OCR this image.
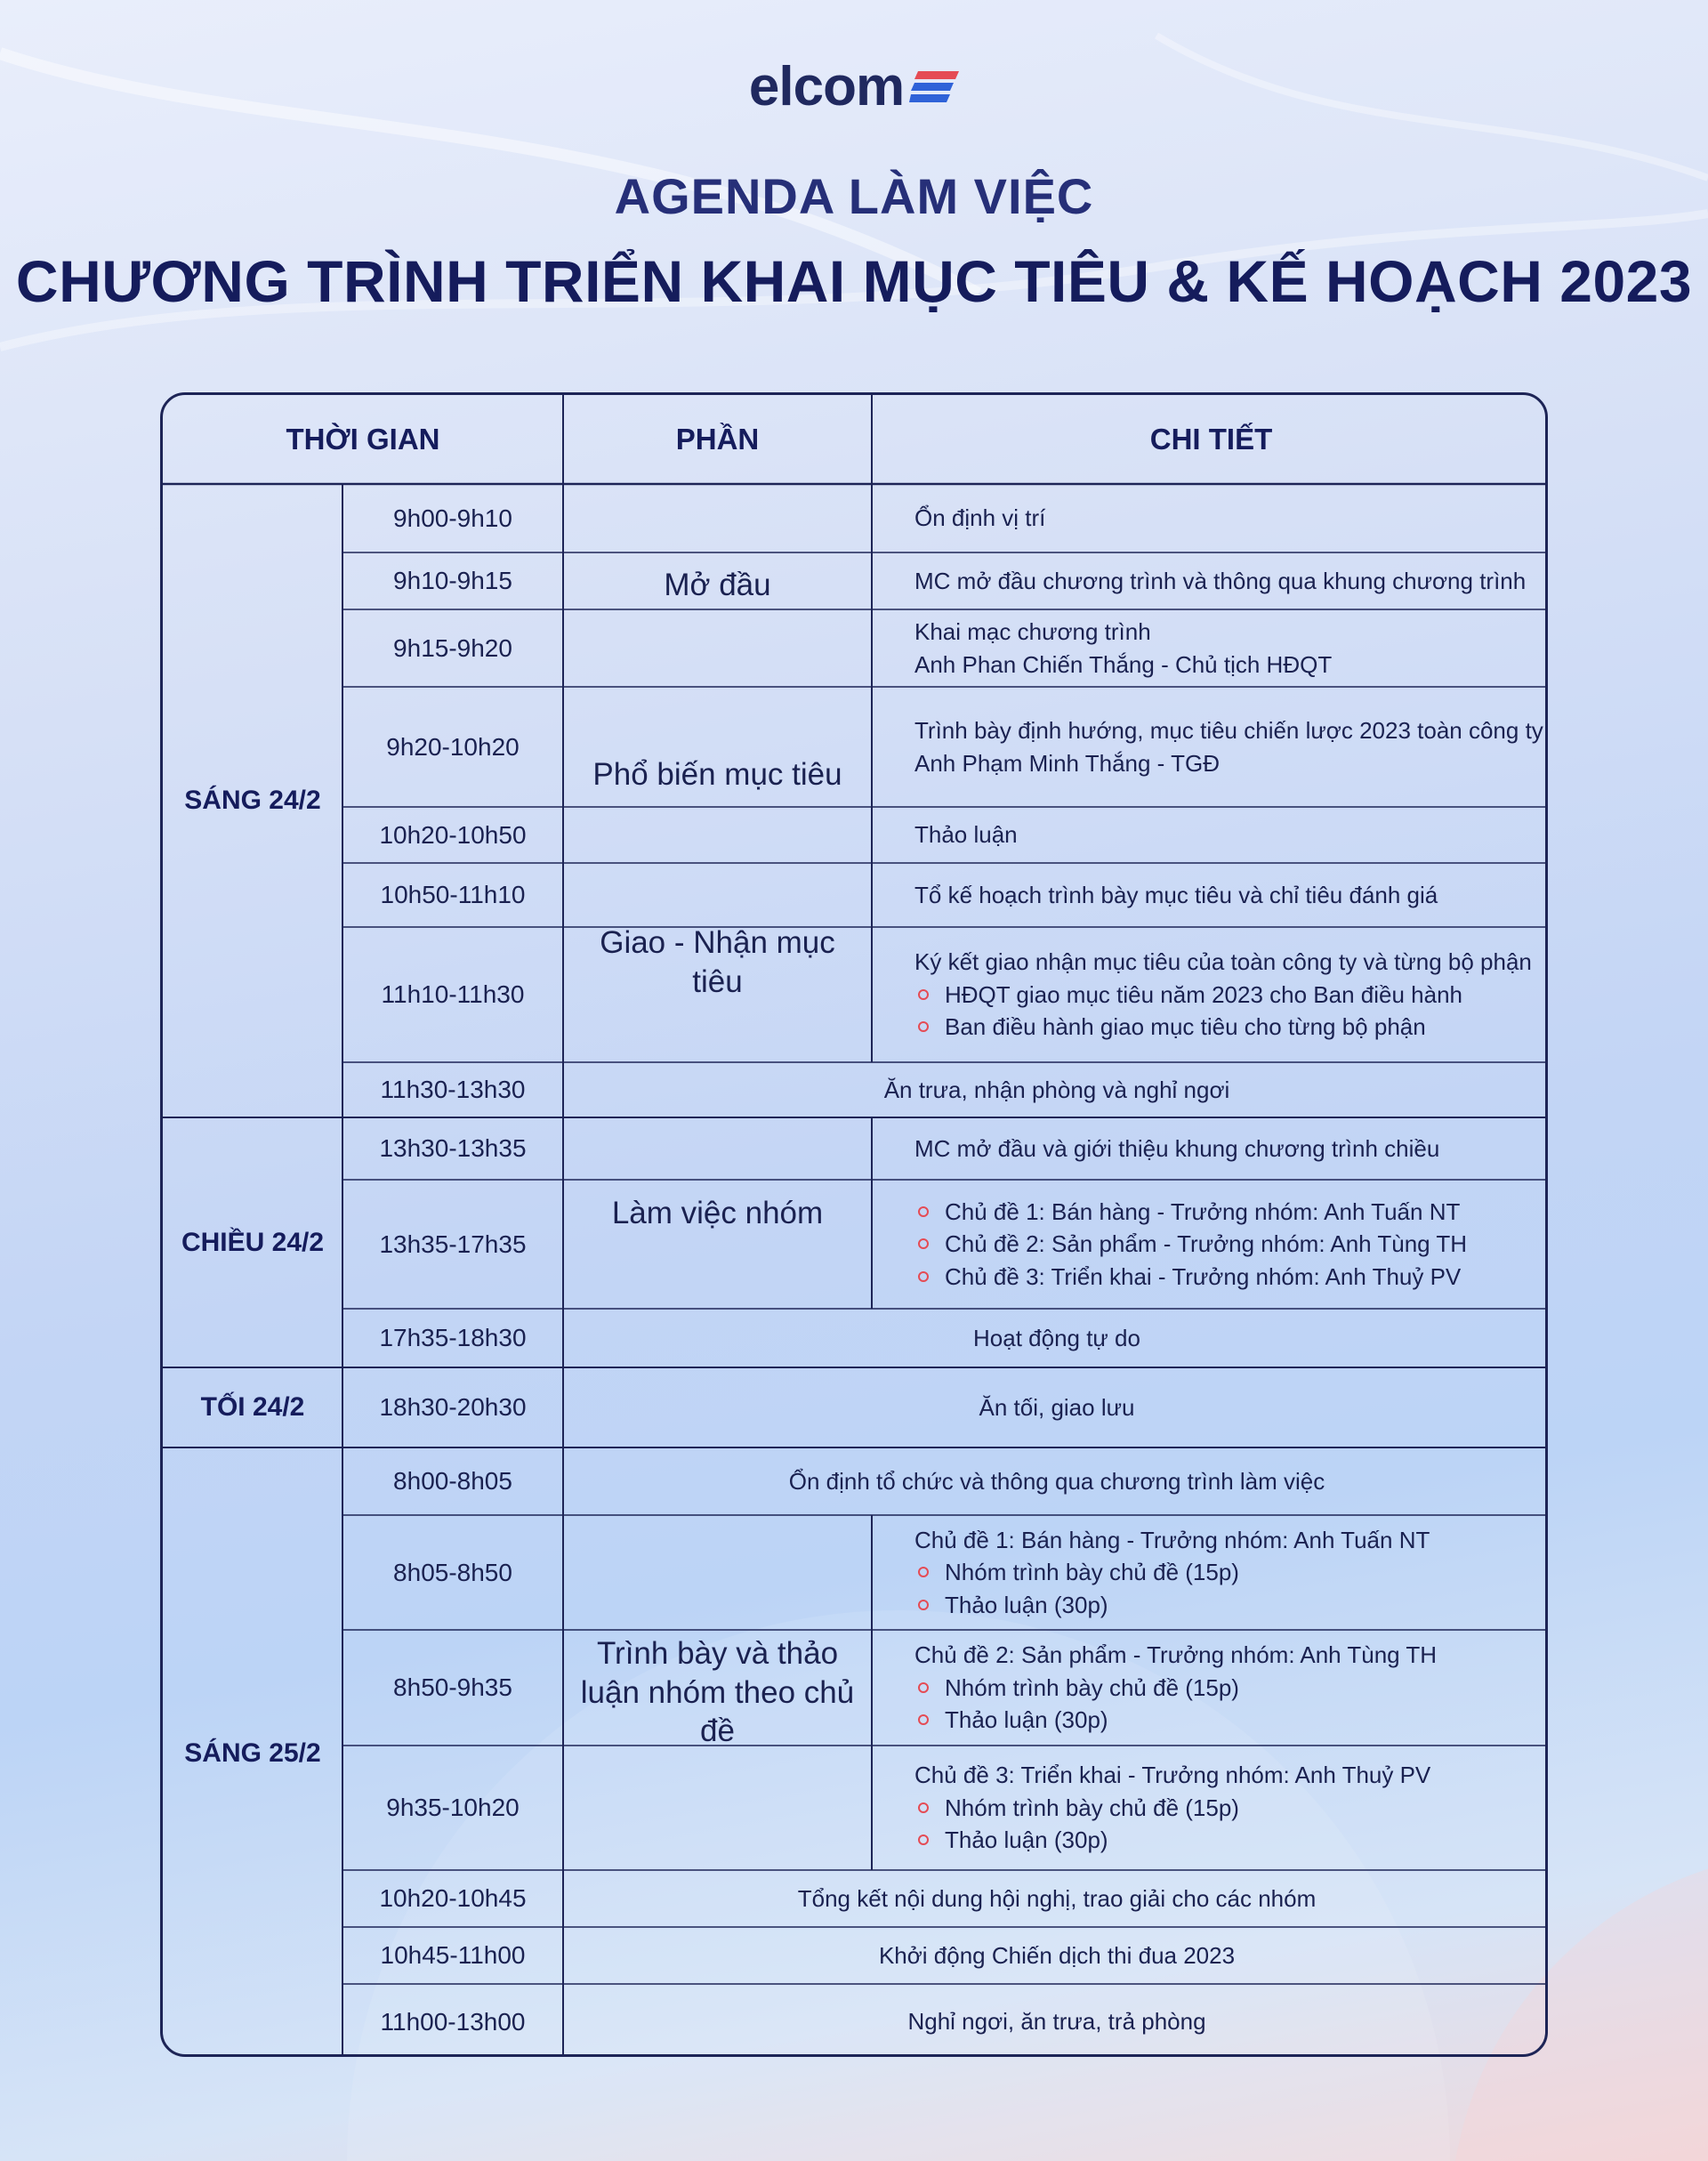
elcom
AGENDA LÀM VIỆC
CHƯƠNG TRÌNH TRIỂN KHAI MỤC TIÊU & KẾ HOẠCH 2023
THỜI GIAN	PHẦN	CHI TIẾT
SÁNG 24/2
CHIỀU 24/2
TỐI 24/2
SÁNG 25/2
9h00-9h10
9h10-9h15
9h15-9h20
9h20-10h20
10h20-10h50
10h50-11h10
11h10-11h30
11h30-13h30
13h30-13h35
13h35-17h35
17h35-18h30
18h30-20h30
8h00-8h05
8h05-8h50
8h50-9h35
9h35-10h20
10h20-10h45
10h45-11h00
11h00-13h00
Mở đầu
Phổ biến mục tiêu
Giao - Nhận mục tiêu
Làm việc nhóm
Trình bày và thảo luận nhóm theo chủ đề
Ổn định vị trí
MC mở đầu chương trình và thông qua khung chương trình
Khai mạc chương trình
Anh Phan Chiến Thắng - Chủ tịch HĐQT
Trình bày định hướng, mục tiêu chiến lược 2023 toàn công ty
Anh Phạm Minh Thắng - TGĐ
Thảo luận
Tổ kế hoạch trình bày mục tiêu và chỉ tiêu đánh giá
Ký kết giao nhận mục tiêu của toàn công ty và từng bộ phận
HĐQT giao mục tiêu năm 2023 cho Ban điều hành
Ban điều hành giao mục tiêu cho từng bộ phận
MC mở đầu và giới thiệu khung chương trình chiều
Chủ đề 1: Bán hàng - Trưởng nhóm: Anh Tuấn NT
Chủ đề 2: Sản phẩm - Trưởng nhóm: Anh Tùng TH
Chủ đề 3: Triển khai - Trưởng nhóm: Anh Thuỷ PV
Chủ đề 1: Bán hàng - Trưởng nhóm: Anh Tuấn NT
Nhóm trình bày chủ đề (15p)
Thảo luận (30p)
Chủ đề 2: Sản phẩm - Trưởng nhóm: Anh Tùng TH
Nhóm trình bày chủ đề (15p)
Thảo luận (30p)
Chủ đề 3: Triển khai - Trưởng nhóm: Anh Thuỷ PV
Nhóm trình bày chủ đề (15p)
Thảo luận (30p)
Ăn trưa, nhận phòng và nghỉ ngơi
Hoạt động tự do
Ăn tối, giao lưu
Ổn định tổ chức và thông qua chương trình làm việc
Tổng kết nội dung hội nghị, trao giải cho các nhóm
Khởi động Chiến dịch thi đua 2023
Nghỉ ngơi, ăn trưa, trả phòng
